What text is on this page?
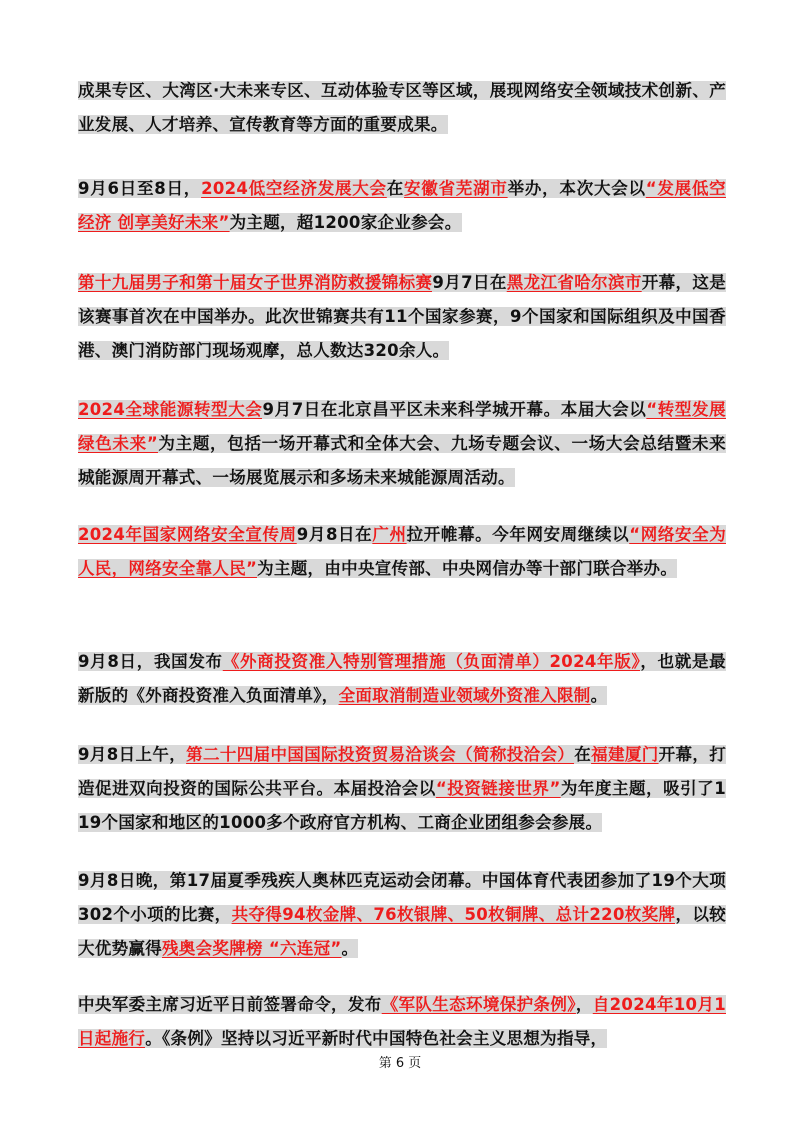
成果专区、大湾区·大未来专区、互动体验专区等区域，展现网络安全领域技术创新、产业发展、人才培养、宣传教育等方面的重要成果。
9月6日至8日，2024低空经济发展大会在安徽省芜湖市举办，本次大会以“发展低空经济 创享美好未来”为主题，超1200家企业参会。
第十九届男子和第十届女子世界消防救援锦标赛9月7日在黑龙江省哈尔滨市开幕，这是该赛事首次在中国举办。此次世锦赛共有11个国家参赛，9个国家和国际组织及中国香港、澳门消防部门现场观摩，总人数达320余人。
2024全球能源转型大会9月7日在北京昌平区未来科学城开幕。本届大会以“转型发展 绿色未来”为主题，包括一场开幕式和全体大会、九场专题会议、一场大会总结暨未来城能源周开幕式、一场展览展示和多场未来城能源周活动。
2024年国家网络安全宣传周9月8日在广州拉开帷幕。今年网安周继续以“网络安全为人民，网络安全靠人民”为主题，由中央宣传部、中央网信办等十部门联合举办。
9月8日，我国发布《外商投资准入特别管理措施（负面清单）2024年版》，也就是最新版的《外商投资准入负面清单》，全面取消制造业领域外资准入限制。
9月8日上午，第二十四届中国国际投资贸易洽谈会（简称投洽会）在福建厦门开幕，打造促进双向投资的国际公共平台。本届投洽会以“投资链接世界”为年度主题，吸引了119个国家和地区的1000多个政府官方机构、工商企业团组参会参展。
9月8日晚，第17届夏季残疾人奥林匹克运动会闭幕。中国体育代表团参加了19个大项302个小项的比赛，共夺得94枚金牌、76枚银牌、50枚铜牌、总计220枚奖牌，以较大优势赢得残奥会奖牌榜 “六连冠”。
中央军委主席习近平日前签署命令，发布《军队生态环境保护条例》，自2024年10月1日起施行。《条例》坚持以习近平新时代中国特色社会主义思想为指导，
第 6 页
